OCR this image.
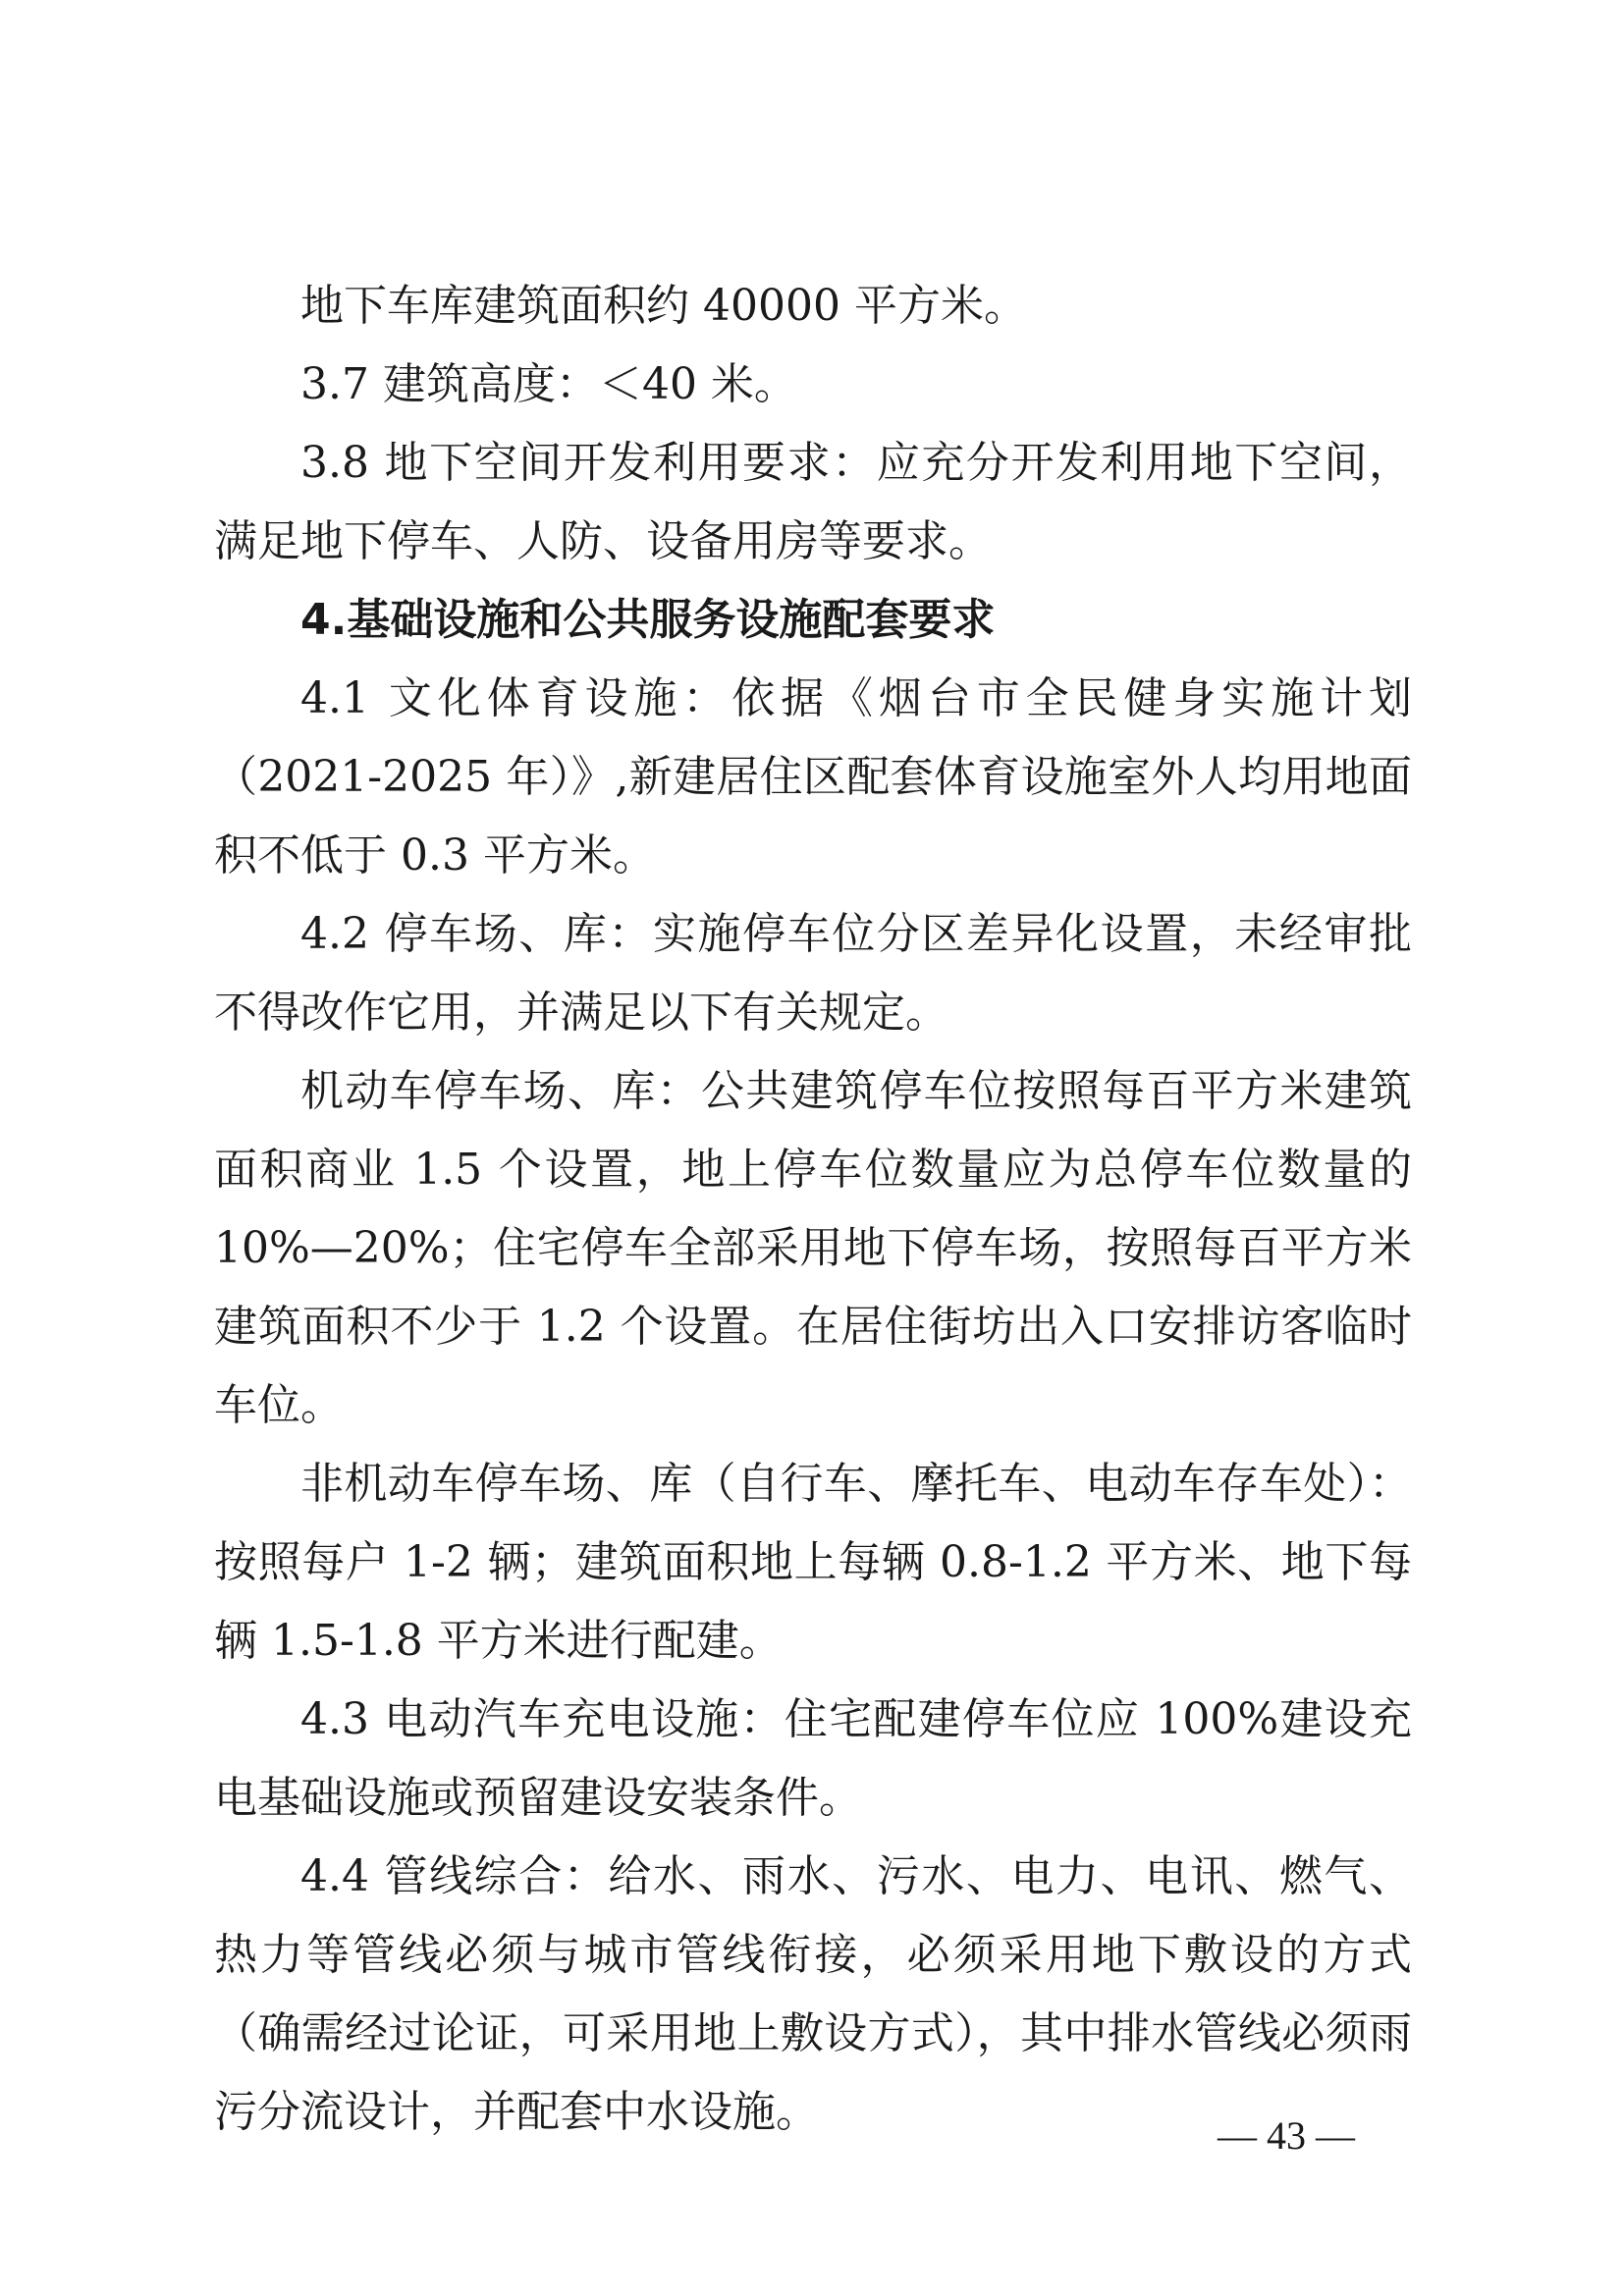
地下车库建筑面积约 40000 平方米。

3.7 建筑高度：＜40 米。

3.8 地下空间开发利用要求：应充分开发利用地下空间，满足地下停车、人防、设备用房等要求。

4.基础设施和公共服务设施配套要求

4.1 文化体育设施：依据《烟台市全民健身实施计划（2021-2025 年）》,新建居住区配套体育设施室外人均用地面积不低于 0.3 平方米。

4.2 停车场、库：实施停车位分区差异化设置，未经审批不得改作它用，并满足以下有关规定。

机动车停车场、库：公共建筑停车位按照每百平方米建筑面积商业 1.5 个设置，地上停车位数量应为总停车位数量的 10%—20%；住宅停车全部采用地下停车场，按照每百平方米建筑面积不少于 1.2 个设置。在居住街坊出入口安排访客临时车位。

非机动车停车场、库（自行车、摩托车、电动车存车处）：按照每户 1-2 辆；建筑面积地上每辆 0.8-1.2 平方米、地下每辆 1.5-1.8 平方米进行配建。

4.3 电动汽车充电设施：住宅配建停车位应 100%建设充电基础设施或预留建设安装条件。

4.4 管线综合：给水、雨水、污水、电力、电讯、燃气、热力等管线必须与城市管线衔接，必须采用地下敷设的方式（确需经过论证，可采用地上敷设方式），其中排水管线必须雨污分流设计，并配套中水设施。	— 43 —
